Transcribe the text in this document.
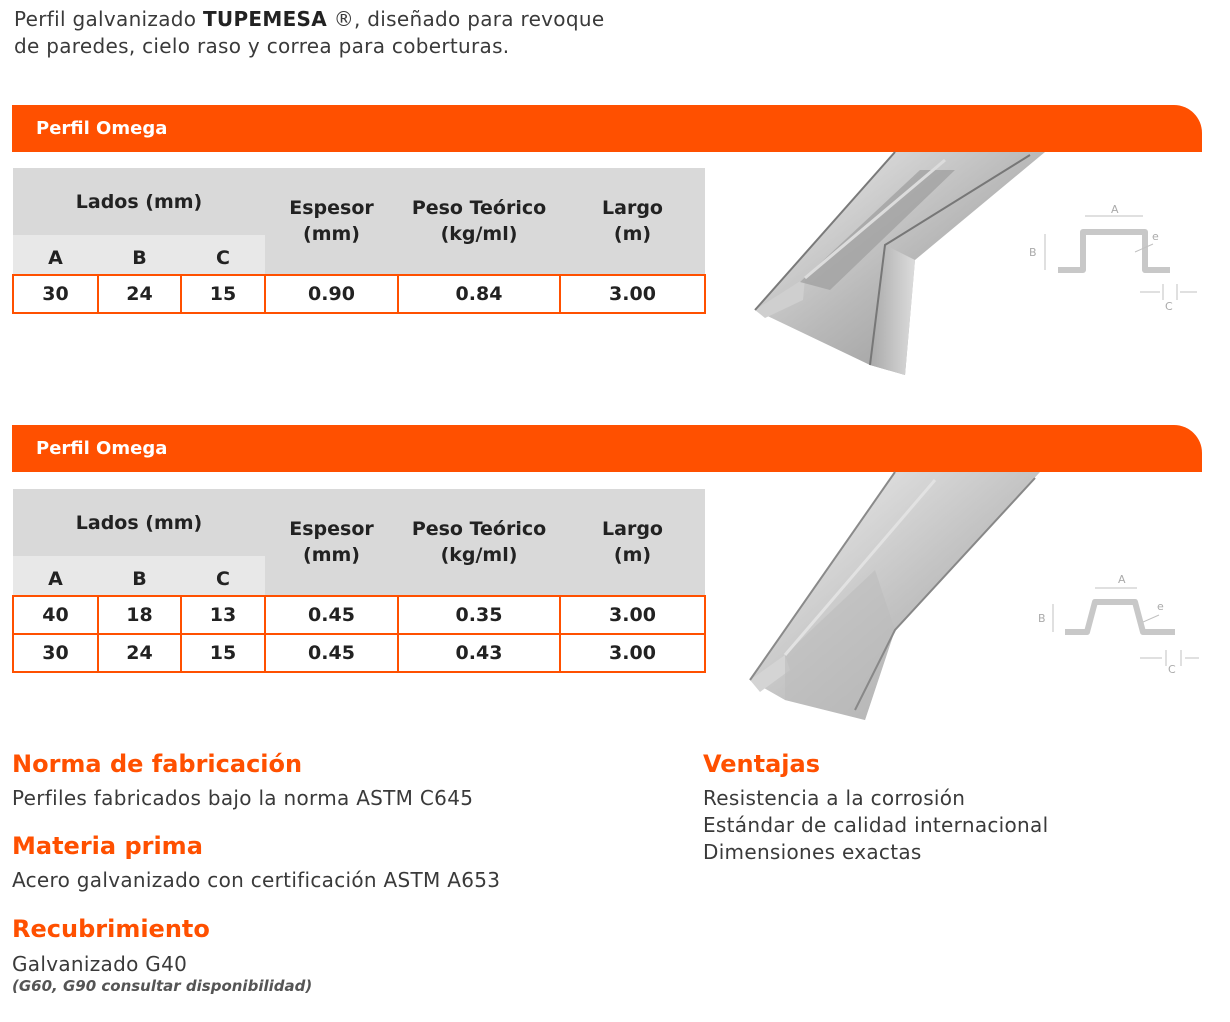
Perfil galvanizado TUPEMESA ®, diseñado para revoque
de paredes, cielo raso y correa para coberturas.
Perfil Omega
Lados (mm)			Espesor
(mm)	Peso Teórico
(kg/ml)	Largo
(m)
A	B	C			
30	24	15	0.90	0.84	3.00
A
B
e
C
Perfil Omega
Lados (mm)			Espesor
(mm)	Peso Teórico
(kg/ml)	Largo
(m)
A	B	C			
40	18	13	0.45	0.35	3.00
30	24	15	0.45	0.43	3.00
A
B
e
C
Norma de fabricación
Perfiles fabricados bajo la norma ASTM C645
Materia prima
Acero galvanizado con certificación ASTM A653
Recubrimiento
Galvanizado G40
(G60, G90 consultar disponibilidad)
Ventajas
Resistencia a la corrosión
Estándar de calidad internacional
Dimensiones exactas
